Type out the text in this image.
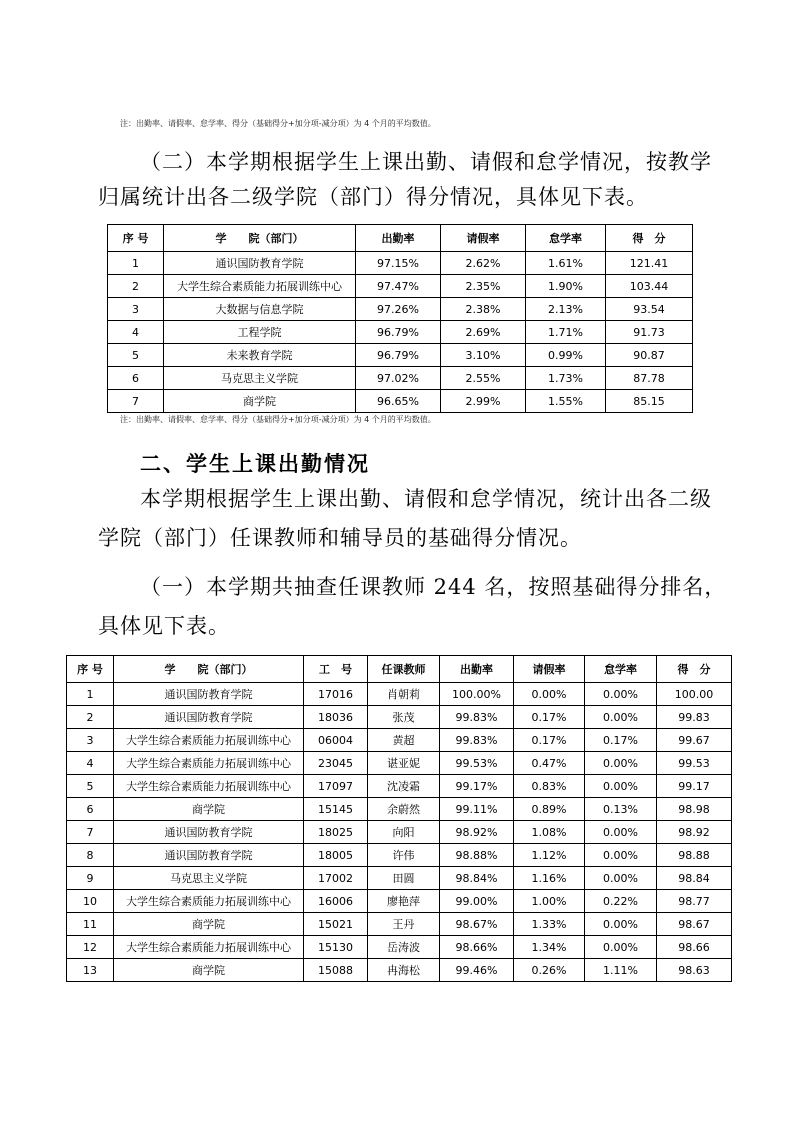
注：出勤率、请假率、怠学率、得分（基础得分+加分项-减分项）为 4 个月的平均数值。
（二）本学期根据学生上课出勤、请假和怠学情况，按教学
归属统计出各二级学院（部门）得分情况，具体见下表。
序 号	学　　院（部门）	出勤率	请假率	怠学率	得　分
1	通识国防教育学院	97.15%	2.62%	1.61%	121.41
2	大学生综合素质能力拓展训练中心	97.47%	2.35%	1.90%	103.44
3	大数据与信息学院	97.26%	2.38%	2.13%	93.54
4	工程学院	96.79%	2.69%	1.71%	91.73
5	未来教育学院	96.79%	3.10%	0.99%	90.87
6	马克思主义学院	97.02%	2.55%	1.73%	87.78
7	商学院	96.65%	2.99%	1.55%	85.15
注：出勤率、请假率、怠学率、得分（基础得分+加分项-减分项）为 4 个月的平均数值。
二、学生上课出勤情况
本学期根据学生上课出勤、请假和怠学情况，统计出各二级
学院（部门）任课教师和辅导员的基础得分情况。
（一）本学期共抽查任课教师 244 名，按照基础得分排名，
具体见下表。
序 号	学　　院（部门）	工　号	任课教师	出勤率	请假率	怠学率	得　分
1	通识国防教育学院	17016	肖朝莉	100.00%	0.00%	0.00%	100.00
2	通识国防教育学院	18036	张茂	99.83%	0.17%	0.00%	99.83
3	大学生综合素质能力拓展训练中心	06004	黄超	99.83%	0.17%	0.17%	99.67
4	大学生综合素质能力拓展训练中心	23045	谌亚妮	99.53%	0.47%	0.00%	99.53
5	大学生综合素质能力拓展训练中心	17097	沈凌霜	99.17%	0.83%	0.00%	99.17
6	商学院	15145	余蔚然	99.11%	0.89%	0.13%	98.98
7	通识国防教育学院	18025	向阳	98.92%	1.08%	0.00%	98.92
8	通识国防教育学院	18005	许伟	98.88%	1.12%	0.00%	98.88
9	马克思主义学院	17002	田圆	98.84%	1.16%	0.00%	98.84
10	大学生综合素质能力拓展训练中心	16006	廖艳萍	99.00%	1.00%	0.22%	98.77
11	商学院	15021	王丹	98.67%	1.33%	0.00%	98.67
12	大学生综合素质能力拓展训练中心	15130	岳涛波	98.66%	1.34%	0.00%	98.66
13	商学院	15088	冉海松	99.46%	0.26%	1.11%	98.63
